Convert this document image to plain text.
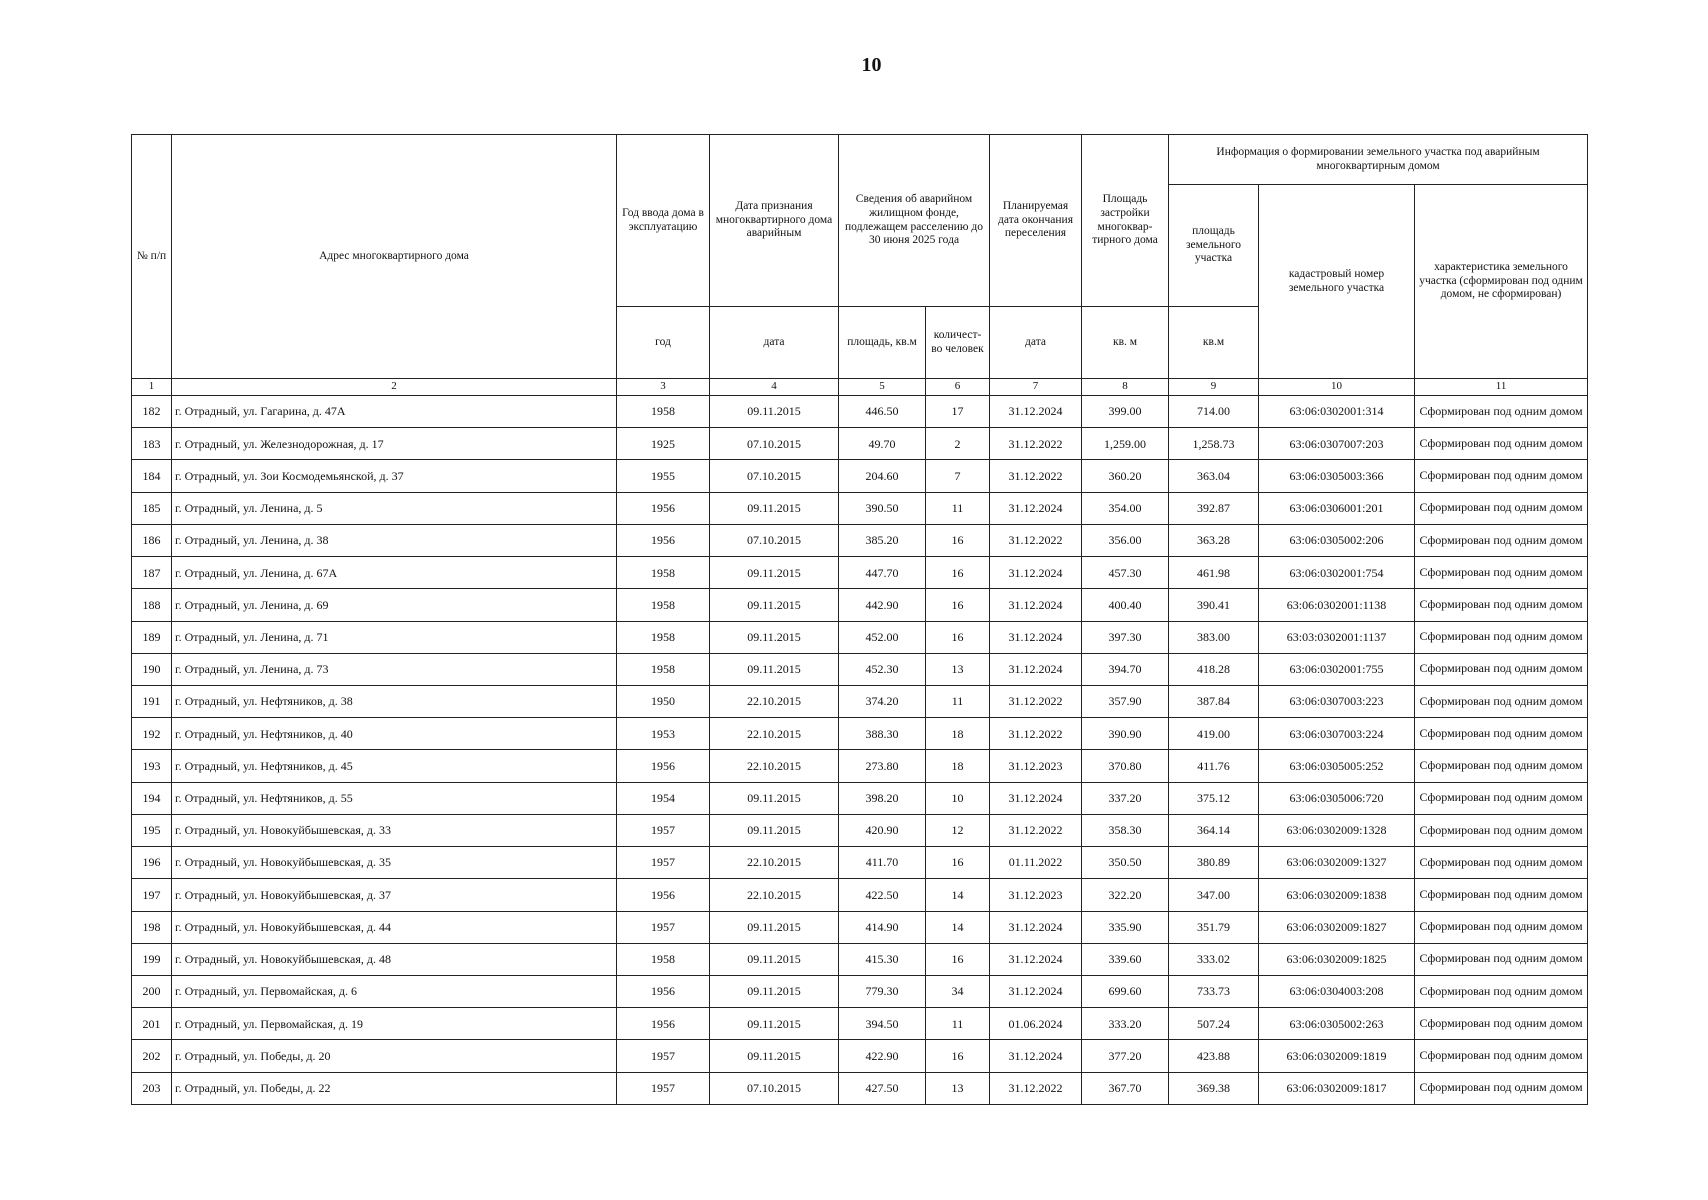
10
№ п/п	Адрес многоквартирного дома	Год ввода дома в эксплуатацию	Дата признания многоквартирного дома аварийным	Сведения об аварийном жилищном фонде, подлежащем расселению до 30 июня 2025 года		Планируемая дата окончания переселения	Площадь застройки многоквар-тирного дома	Информация о формировании земельного участка под аварийным многоквартирным домом		
								площадь земельного участка	кадастровый номер земельного участка	характеристика земельного участка (сформирован под одним домом, не сформирован)
		год	дата	площадь, кв.м	количест-во человек	дата	кв. м	кв.м		
1	2	3	4	5	6	7	8	9	10	11
182	г. Отрадный, ул. Гагарина, д. 47А	1958	09.11.2015	446.50	17	31.12.2024	399.00	714.00	63:06:0302001:314	Сформирован под одним домом
183	г. Отрадный, ул. Железнодорожная, д. 17	1925	07.10.2015	49.70	2	31.12.2022	1,259.00	1,258.73	63:06:0307007:203	Сформирован под одним домом
184	г. Отрадный, ул. Зои Космодемьянской, д. 37	1955	07.10.2015	204.60	7	31.12.2022	360.20	363.04	63:06:0305003:366	Сформирован под одним домом
185	г. Отрадный, ул. Ленина, д. 5	1956	09.11.2015	390.50	11	31.12.2024	354.00	392.87	63:06:0306001:201	Сформирован под одним домом
186	г. Отрадный, ул. Ленина, д. 38	1956	07.10.2015	385.20	16	31.12.2022	356.00	363.28	63:06:0305002:206	Сформирован под одним домом
187	г. Отрадный, ул. Ленина, д. 67А	1958	09.11.2015	447.70	16	31.12.2024	457.30	461.98	63:06:0302001:754	Сформирован под одним домом
188	г. Отрадный, ул. Ленина, д. 69	1958	09.11.2015	442.90	16	31.12.2024	400.40	390.41	63:06:0302001:1138	Сформирован под одним домом
189	г. Отрадный, ул. Ленина, д. 71	1958	09.11.2015	452.00	16	31.12.2024	397.30	383.00	63:03:0302001:1137	Сформирован под одним домом
190	г. Отрадный, ул. Ленина, д. 73	1958	09.11.2015	452.30	13	31.12.2024	394.70	418.28	63:06:0302001:755	Сформирован под одним домом
191	г. Отрадный, ул. Нефтяников, д. 38	1950	22.10.2015	374.20	11	31.12.2022	357.90	387.84	63:06:0307003:223	Сформирован под одним домом
192	г. Отрадный, ул. Нефтяников, д. 40	1953	22.10.2015	388.30	18	31.12.2022	390.90	419.00	63:06:0307003:224	Сформирован под одним домом
193	г. Отрадный, ул. Нефтяников, д. 45	1956	22.10.2015	273.80	18	31.12.2023	370.80	411.76	63:06:0305005:252	Сформирован под одним домом
194	г. Отрадный, ул. Нефтяников, д. 55	1954	09.11.2015	398.20	10	31.12.2024	337.20	375.12	63:06:0305006:720	Сформирован под одним домом
195	г. Отрадный, ул. Новокуйбышевская, д. 33	1957	09.11.2015	420.90	12	31.12.2022	358.30	364.14	63:06:0302009:1328	Сформирован под одним домом
196	г. Отрадный, ул. Новокуйбышевская, д. 35	1957	22.10.2015	411.70	16	01.11.2022	350.50	380.89	63:06:0302009:1327	Сформирован под одним домом
197	г. Отрадный, ул. Новокуйбышевская, д. 37	1956	22.10.2015	422.50	14	31.12.2023	322.20	347.00	63:06:0302009:1838	Сформирован под одним домом
198	г. Отрадный, ул. Новокуйбышевская, д. 44	1957	09.11.2015	414.90	14	31.12.2024	335.90	351.79	63:06:0302009:1827	Сформирован под одним домом
199	г. Отрадный, ул. Новокуйбышевская, д. 48	1958	09.11.2015	415.30	16	31.12.2024	339.60	333.02	63:06:0302009:1825	Сформирован под одним домом
200	г. Отрадный, ул. Первомайская, д. 6	1956	09.11.2015	779.30	34	31.12.2024	699.60	733.73	63:06:0304003:208	Сформирован под одним домом
201	г. Отрадный, ул. Первомайская, д. 19	1956	09.11.2015	394.50	11	01.06.2024	333.20	507.24	63:06:0305002:263	Сформирован под одним домом
202	г. Отрадный, ул. Победы, д. 20	1957	09.11.2015	422.90	16	31.12.2024	377.20	423.88	63:06:0302009:1819	Сформирован под одним домом
203	г. Отрадный, ул. Победы, д. 22	1957	07.10.2015	427.50	13	31.12.2022	367.70	369.38	63:06:0302009:1817	Сформирован под одним домом
